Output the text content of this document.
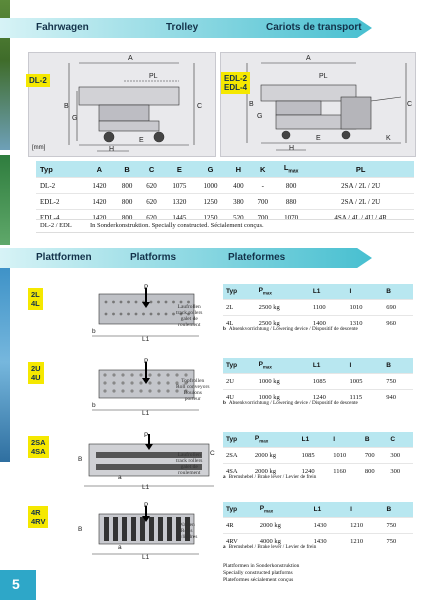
Fahrwagen	Trolley	Cariots de transport
A
PL
B
G
C
E
H
[mm]
DL-2
A
PL
B
G
C
E	K
H
EDL-2
EDL-4
Typ	A	B	C	E	G	H	K	$L_{max}$	PL
DL-2	1420	800	620	1075	1000	400	-	800	2SA / 2L / 2U
EDL-2	1420	800	620	1320	1250	380	700	880	2SA / 2L / 2U
EDL-4	1420	800	620	1445	1250	520	700	1070	4SA / 4L / 4U / 4R
DL-2 / EDL	In Sonderkonstruktion. Specially constructed. Sécialement conçus.
Plattformen	Platforms	Plateformes
2L
4L
P
L1
b
Laufrollen
track rollers
galet de
roulement
Typ	$P_{max}$	L1	l	B
2L	2500 kg	1100	1010	690
4L	2500 kg	1400	1310	960
b Absenkvorrichtung / Lowering device / Dispositif de descente
2U
4U
P
L1
b
Topfrollen
Roll conveyors
Boulons
porteur
Typ	$P_{max}$	L1	l	B
2U	1000 kg	1085	1005	750
4U	1000 kg	1240	1115	940
b Absenkvorrichtung / Lowering device / Dispositif de descente
2SA
4SA
P
L1
B
C
a
Laufrollen
track rollers
galet de
roulement
Typ	$P_{max}$	L1	l	B	C
2SA	2000 kg	1085	1010	700	300
4SA	2000 kg	1240	1160	800	300
a Bremshebel / Brake lever / Levier de frein
4R
4RV
P
L1
B
a
Walzen
Rolls
Cylindres
Typ	$P_{max}$	L1	l	B
4R	2000 kg	1430	1210	750
4RV	4000 kg	1430	1210	750
a Bremshebel / Brake lever / Levier de frein
Plattformen in Sonderkonstruktion
Specially constructed platforms
Plateformes sécialement conçus
5
